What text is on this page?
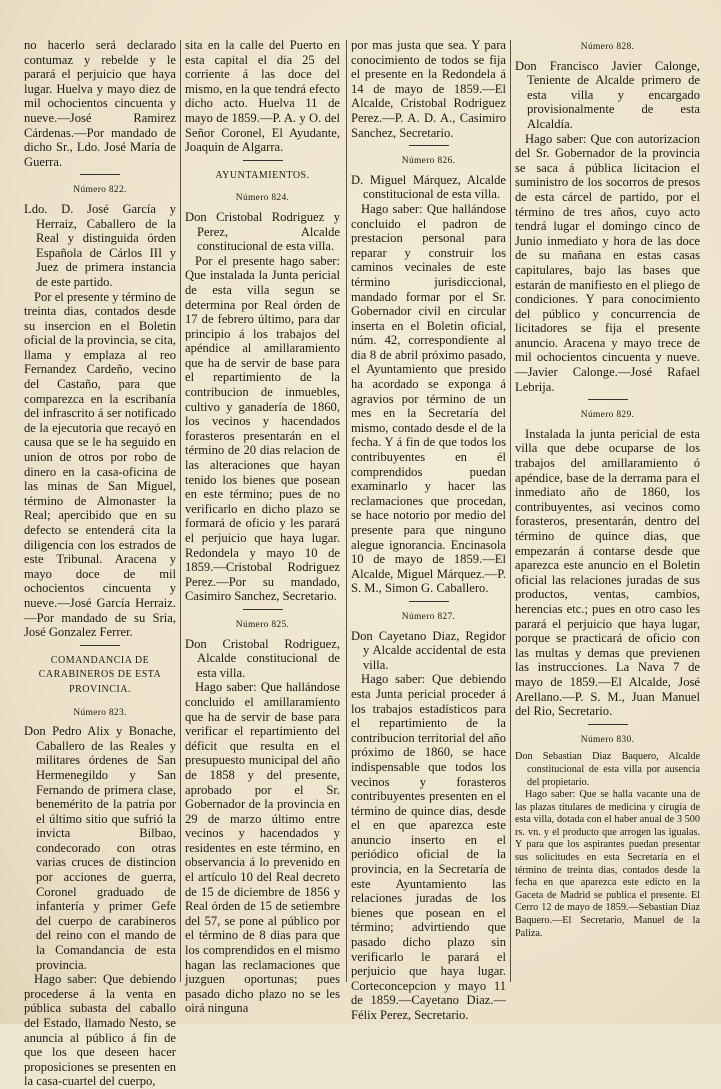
no hacerlo será declarado contumaz y rebelde y le parará el perjuicio que haya lugar. Huelva y mayo diez de mil ochocientos cincuenta y nueve.—José Ramirez Cárdenas.—Por mandado de dicho Sr., Ldo. José María de Guerra.

Número 822.

Ldo. D. José García y Herraiz, Caballero de la Real y distinguida órden Española de Cárlos III y Juez de primera instancia de este partido.

Por el presente y término de treinta dias, contados desde su insercion en el Boletin oficial de la provincia, se cita, llama y emplaza al reo Fernandez Cardeño, vecino del Castaño, para que comparezca en la escribanía del infrascrito á ser notificado de la ejecutoria que recayó en causa que se le ha seguido en union de otros por robo de dinero en la casa-oficina de las minas de San Miguel, término de Almonaster la Real; apercibido que en su defecto se entenderá cita la diligencia con los estrados de este Tribunal. Aracena y mayo doce de mil ochocientos cincuenta y nueve.—José García Herraiz.—Por mandado de su Sria, José Gonzalez Ferrer.

COMANDANCIA DE CARABINEROS DE ESTA PROVINCIA.
Número 823.

Don Pedro Alix y Bonache, Caballero de las Reales y militares órdenes de San Hermenegildo y San Fernando de primera clase, benemérito de la patria por el último sitio que sufrió la invicta Bilbao, condecorado con otras varias cruces de distincion por acciones de guerra, Coronel graduado de infantería y primer Gefe del cuerpo de carabineros del reino con el mando de la Comandancia de esta provincia.

Hago saber: Que debiendo procederse á la venta en pública subasta del caballo del Estado, llamado Nesto, se anuncia al público á fin de que los que deseen hacer proposiciones se presenten en la casa-cuartel del cuerpo,

sita en la calle del Puerto en esta capital el dia 25 del corriente á las doce del mismo, en la que tendrá efecto dicho acto. Huelva 11 de mayo de 1859.—P. A. y O. del Señor Coronel, El Ayudante, Joaquin de Algarra.

AYUNTAMIENTOS.
Número 824.

Don Cristobal Rodriguez y Perez, Alcalde constitucional de esta villa.

Por el presente hago saber: Que instalada la Junta pericial de esta villa segun se determina por Real órden de 17 de febrero último, para dar principio á los trabajos del apéndice al amillaramiento que ha de servir de base para el repartimiento de la contribucion de inmuebles, cultivo y ganadería de 1860, los vecinos y hacendados forasteros presentarán en el término de 20 dias relacion de las alteraciones que hayan tenido los bienes que posean en este término; pues de no verificarlo en dicho plazo se formará de oficio y les parará el perjuicio que haya lugar. Redondela y mayo 10 de 1859.—Cristobal Rodriguez Perez.—Por su mandado, Casimiro Sanchez, Secretario.

Número 825.

Don Cristobal Rodriguez, Alcalde constitucional de esta villa.

Hago saber: Que hallándose concluido el amillaramiento que ha de servir de base para verificar el repartimiento del déficit que resulta en el presupuesto municipal del año de 1858 y del presente, aprobado por el Sr. Gobernador de la provincia en 29 de marzo último entre vecinos y hacendados y residentes en este término, en observancia á lo prevenido en el artículo 10 del Real decreto de 15 de diciembre de 1856 y Real órden de 15 de setiembre del 57, se pone al público por el término de 8 dias para que los comprendidos en el mismo hagan las reclamaciones que juzguen oportunas; pues pasado dicho plazo no se les oirá ninguna

por mas justa que sea. Y para conocimiento de todos se fija el presente en la Redondela á 14 de mayo de 1859.—El Alcalde, Cristobal Rodriguez Perez.—P. A. D. A., Casimiro Sanchez, Secretario.

Número 826.

D. Miguel Márquez, Alcalde constitucional de esta villa.

Hago saber: Que hallándose concluido el padron de prestacion personal para reparar y construir los caminos vecinales de este término jurisdiccional, mandado formar por el Sr. Gobernador civil en circular inserta en el Boletin oficial, núm. 42, correspondiente al dia 8 de abril próximo pasado, el Ayuntamiento que presido ha acordado se exponga á agravios por término de un mes en la Secretaría del mismo, contado desde el de la fecha. Y á fin de que todos los contribuyentes en él comprendidos puedan examinarlo y hacer las reclamaciones que procedan, se hace notorio por medio del presente para que ninguno alegue ignorancia. Encinasola 10 de mayo de 1859.—El Alcalde, Miguel Márquez.—P. S. M., Simon G. Caballero.

Número 827.

Don Cayetano Diaz, Regidor y Alcalde accidental de esta villa.

Hago saber: Que debiendo esta Junta pericial proceder á los trabajos estadísticos para el repartimiento de la contribucion territorial del año próximo de 1860, se hace indispensable que todos los vecinos y forasteros contribuyentes presenten en el término de quince dias, desde el en que aparezca este anuncio inserto en el periódico oficial de la provincia, en la Secretaría de este Ayuntamiento las relaciones juradas de los bienes que posean en el término; advirtiendo que pasado dicho plazo sin verificarlo le parará el perjuicio que haya lugar. Corteconcepcion y mayo 11 de 1859.—Cayetano Diaz.—Félix Perez, Secretario.

Número 828.

Don Francisco Javier Calonge, Teniente de Alcalde primero de esta villa y encargado provisionalmente de esta Alcaldía.

Hago saber: Que con autorizacion del Sr. Gobernador de la provincia se saca á pública licitacion el suministro de los socorros de presos de esta cárcel de partido, por el término de tres años, cuyo acto tendrá lugar el domingo cinco de Junio inmediato y hora de las doce de su mañana en estas casas capitulares, bajo las bases que estarán de manifiesto en el pliego de condiciones. Y para conocimiento del público y concurrencia de licitadores se fija el presente anuncio. Aracena y mayo trece de mil ochocientos cincuenta y nueve.—Javier Calonge.—José Rafael Lebrija.

Número 829.

Instalada la junta pericial de esta villa que debe ocuparse de los trabajos del amillaramiento ó apéndice, base de la derrama para el inmediato año de 1860, los contribuyentes, asi vecinos como forasteros, presentarán, dentro del término de quince dias, que empezarán á contarse desde que aparezca este anuncio en el Boletin oficial las relaciones juradas de sus productos, ventas, cambios, herencias etc.; pues en otro caso les parará el perjuicio que haya lugar, porque se practicará de oficio con las multas y demas que previenen las instrucciones. La Nava 7 de mayo de 1859.—El Alcalde, José Arellano.—P. S. M., Juan Manuel del Rio, Secretario.

Número 830.

Don Sebastian Diaz Baquero, Alcalde constitucional de esta villa por ausencia del propietario.

Hago saber: Que se halla vacante una de las plazas titulares de medicina y cirugía de esta villa, dotada con el haber anual de 3 500 rs. vn. y el producto que arrogen las igualas. Y para que los aspirantes puedan presentar sus solicitudes en esta Secretaría en el término de treinta dias, contados desde la fecha en que aparezca este edicto en la Gaceta de Madrid se publica el presente. El Cerro 12 de mayo de 1859.—Sebastian Diaz Baquero.—El Secretario, Manuel de la Paliza.
